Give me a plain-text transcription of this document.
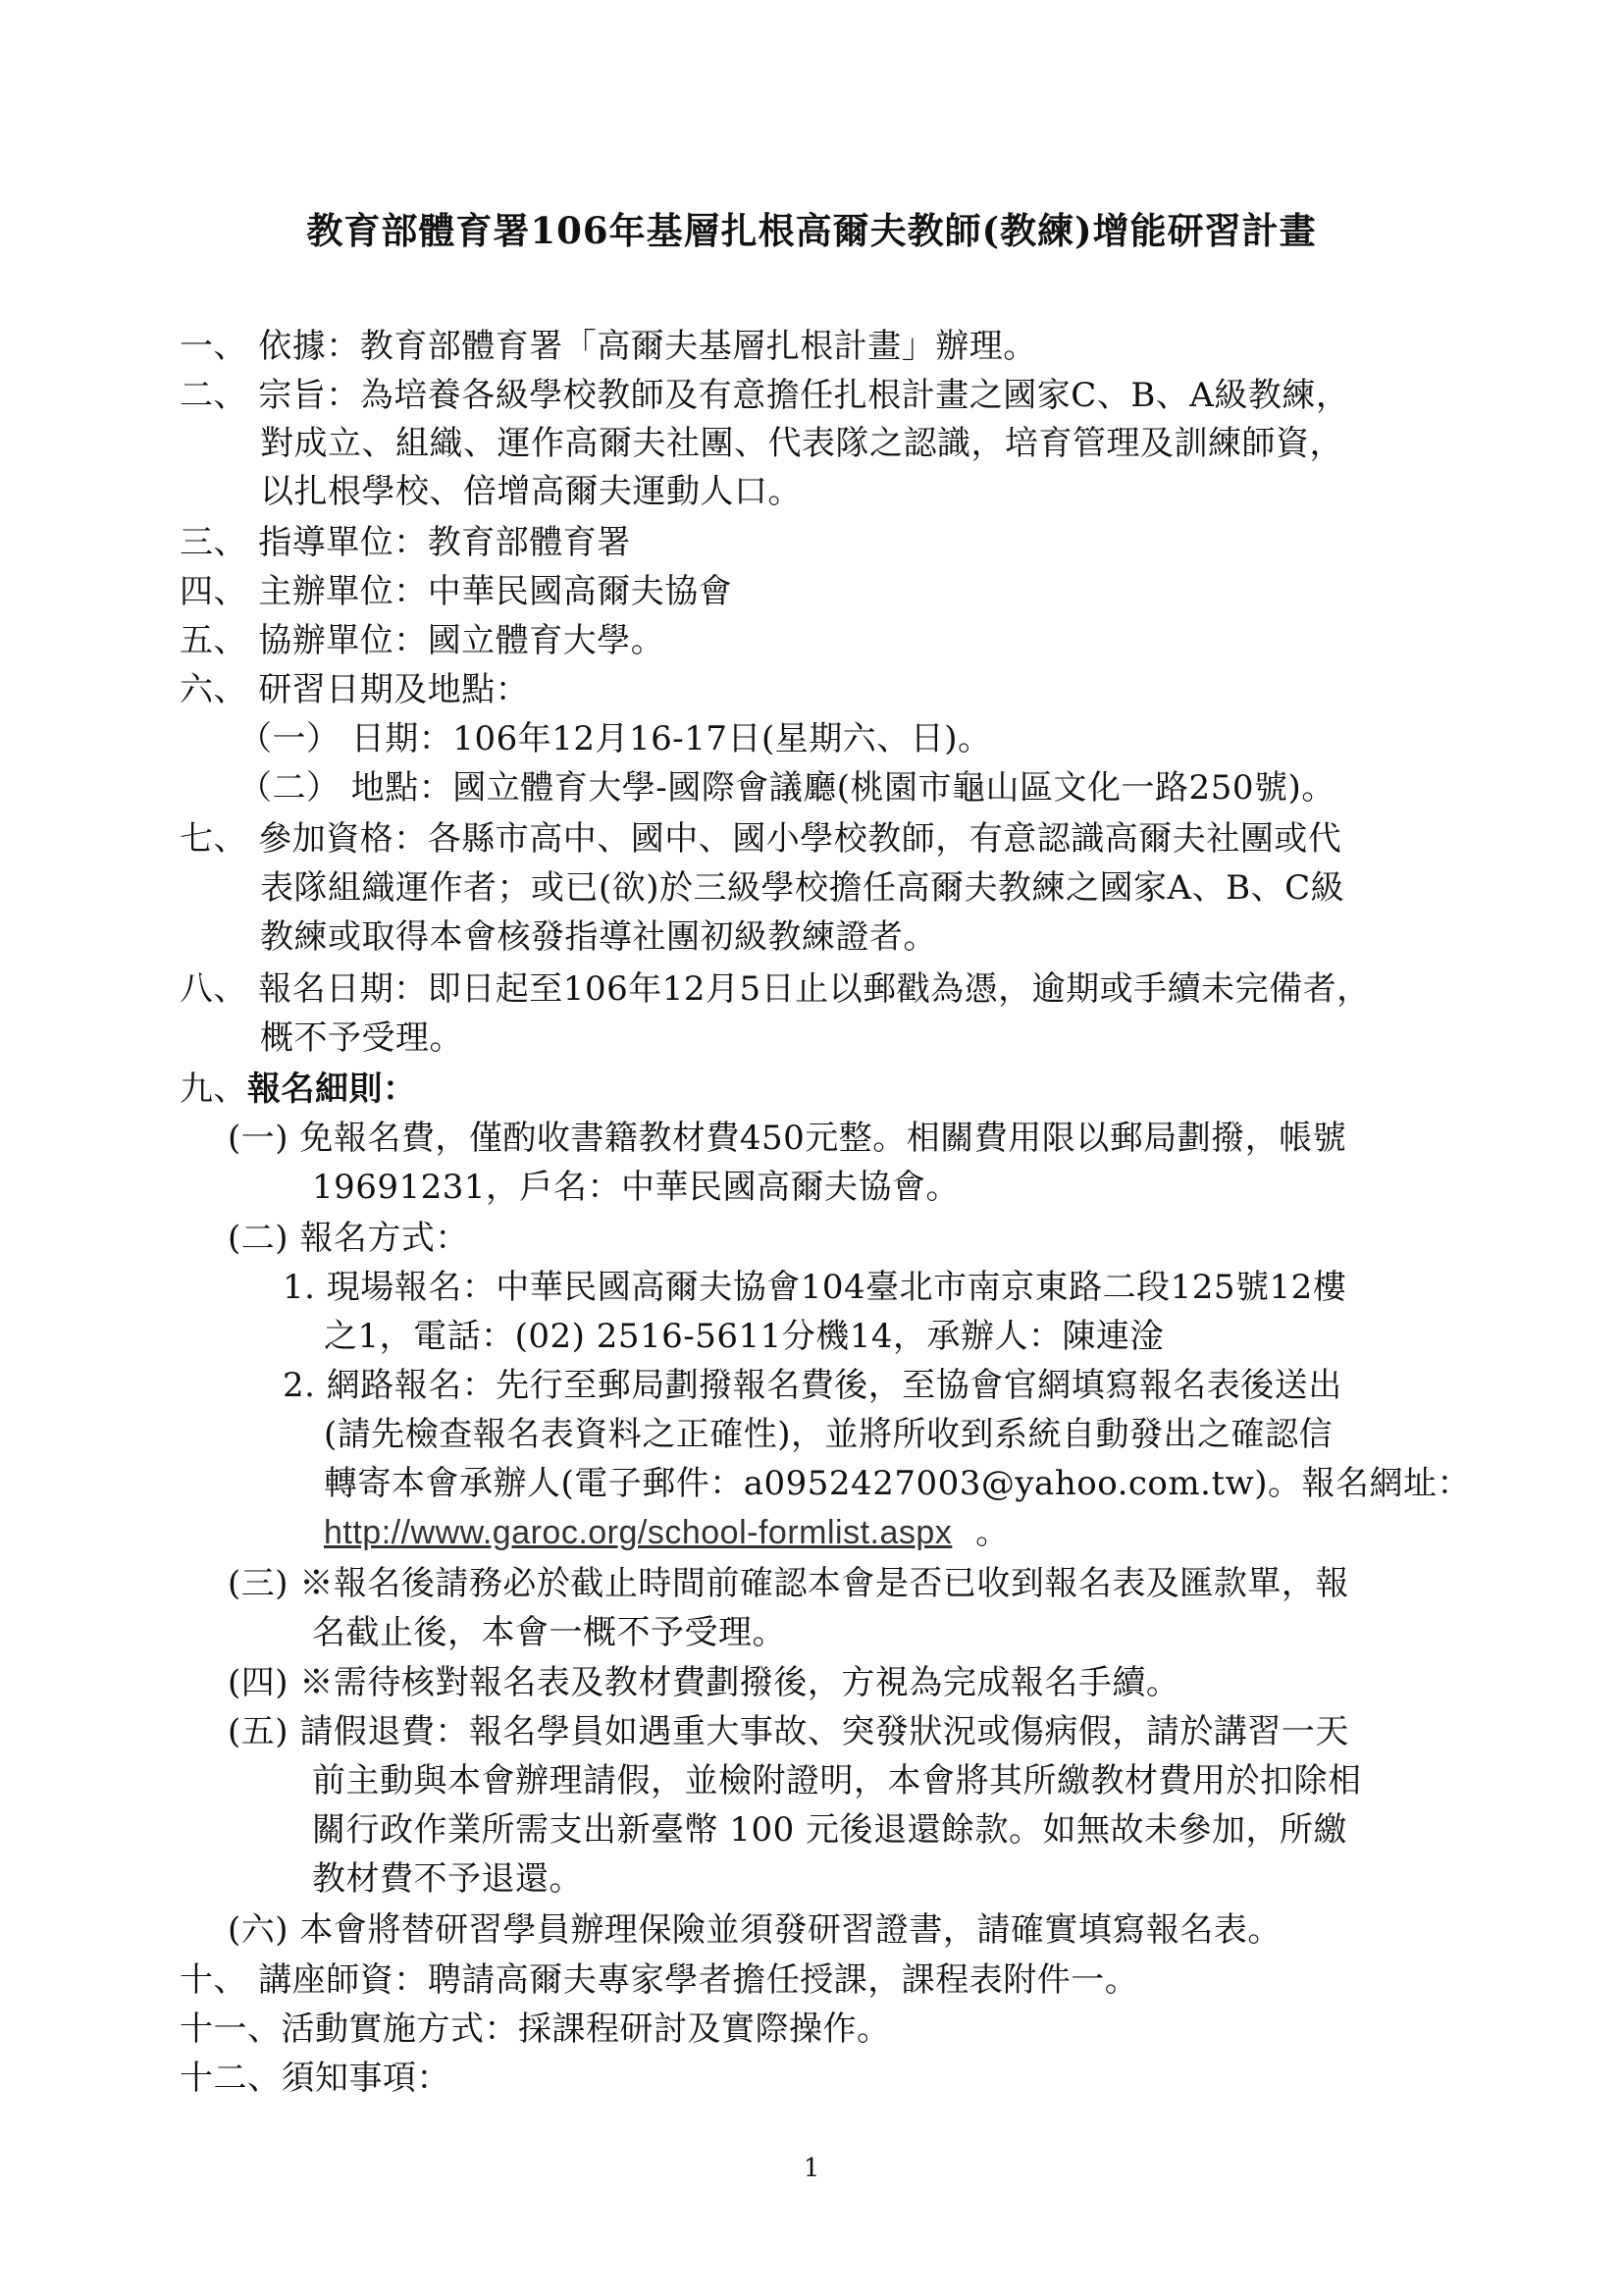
教育部體育署106年基層扎根高爾夫教師(教練)增能研習計畫
一、 依據：教育部體育署「高爾夫基層扎根計畫」辦理。
二、 宗旨：為培養各級學校教師及有意擔任扎根計畫之國家C、B、A級教練，
對成立、組織、運作高爾夫社團、代表隊之認識，培育管理及訓練師資，
以扎根學校、倍增高爾夫運動人口。
三、 指導單位：教育部體育署
四、 主辦單位：中華民國高爾夫協會
五、 協辦單位：國立體育大學。
六、 研習日期及地點：
（一） 日期：106年12月16-17日(星期六、日)。
（二） 地點：國立體育大學-國際會議廳(桃園市龜山區文化一路250號)。
七、 參加資格：各縣市高中、國中、國小學校教師，有意認識高爾夫社團或代
表隊組織運作者；或已(欲)於三級學校擔任高爾夫教練之國家A、B、C級
教練或取得本會核發指導社團初級教練證者。
八、 報名日期：即日起至106年12月5日止以郵戳為憑，逾期或手續未完備者，
概不予受理。
九、報名細則：
(一) 免報名費，僅酌收書籍教材費450元整。相關費用限以郵局劃撥，帳號
19691231，戶名：中華民國高爾夫協會。
(二) 報名方式：
1. 現場報名：中華民國高爾夫協會104臺北市南京東路二段125號12樓
之1，電話：(02) 2516-5611分機14，承辦人：陳連淦
2. 網路報名：先行至郵局劃撥報名費後，至協會官網填寫報名表後送出
(請先檢查報名表資料之正確性)，並將所收到系統自動發出之確認信
轉寄本會承辦人(電子郵件：a0952427003@yahoo.com.tw)。報名網址：
http://www.garoc.org/school-formlist.aspx 。
(三) ※報名後請務必於截止時間前確認本會是否已收到報名表及匯款單，報
名截止後，本會一概不予受理。
(四) ※需待核對報名表及教材費劃撥後，方視為完成報名手續。
(五) 請假退費：報名學員如遇重大事故、突發狀況或傷病假，請於講習一天
前主動與本會辦理請假，並檢附證明，本會將其所繳教材費用於扣除相
關行政作業所需支出新臺幣 100 元後退還餘款。如無故未參加，所繳
教材費不予退還。
(六) 本會將替研習學員辦理保險並須發研習證書，請確實填寫報名表。
十、 講座師資：聘請高爾夫專家學者擔任授課，課程表附件一。
十一、活動實施方式：採課程研討及實際操作。
十二、須知事項：
1
